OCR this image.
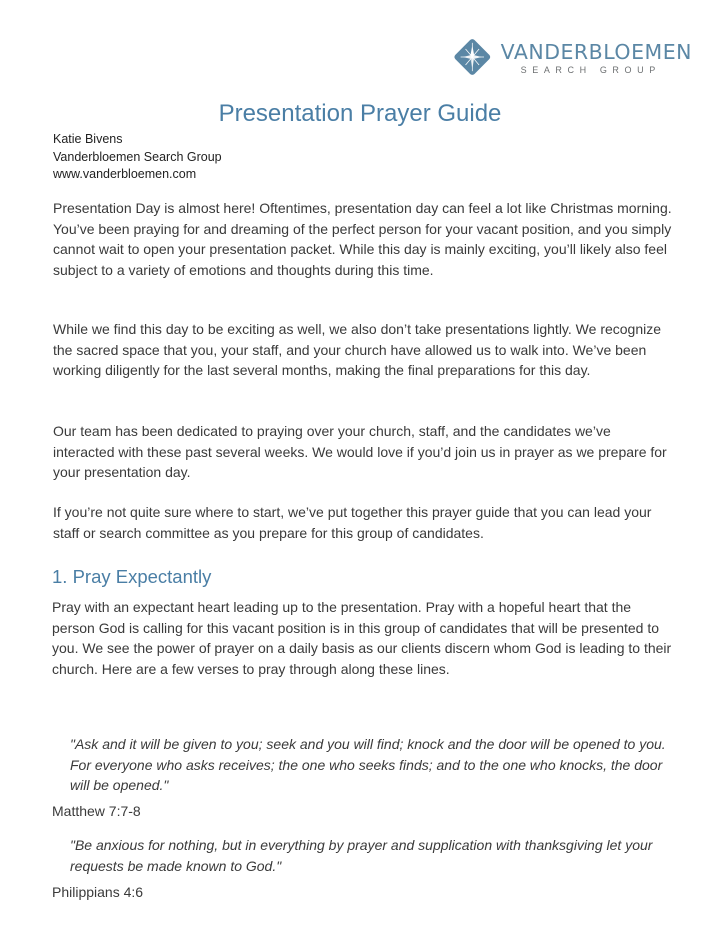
VANDERBLOEMEN
SEARCH GROUP
Presentation Prayer Guide
Katie Bivens
Vanderbloemen Search Group
www.vanderbloemen.com

Presentation Day is almost here! Oftentimes, presentation day can feel a lot like Christmas morning. You’ve been praying for and dreaming of the perfect person for your vacant position, and you simply cannot wait to open your presentation packet. While this day is mainly exciting, you’ll likely also feel subject to a variety of emotions and thoughts during this time.

While we find this day to be exciting as well, we also don’t take presentations lightly. We recognize the sacred space that you, your staff, and your church have allowed us to walk into. We’ve been working diligently for the last several months, making the final preparations for this day.

Our team has been dedicated to praying over your church, staff, and the candidates we’ve interacted with these past several weeks. We would love if you’d join us in prayer as we prepare for your presentation day.

If you’re not quite sure where to start, we’ve put together this prayer guide that you can lead your staff or search committee as you prepare for this group of candidates.

1. Pray Expectantly

Pray with an expectant heart leading up to the presentation. Pray with a hopeful heart that the person God is calling for this vacant position is in this group of candidates that will be presented to you. We see the power of prayer on a daily basis as our clients discern whom God is leading to their church. Here are a few verses to pray through along these lines.

"Ask and it will be given to you; seek and you will find; knock and the door will be opened to you. For everyone who asks receives; the one who seeks finds; and to the one who knocks, the door will be opened."

Matthew 7:7-8

"Be anxious for nothing, but in everything by prayer and supplication with thanksgiving let your requests be made known to God."

Philippians 4:6
